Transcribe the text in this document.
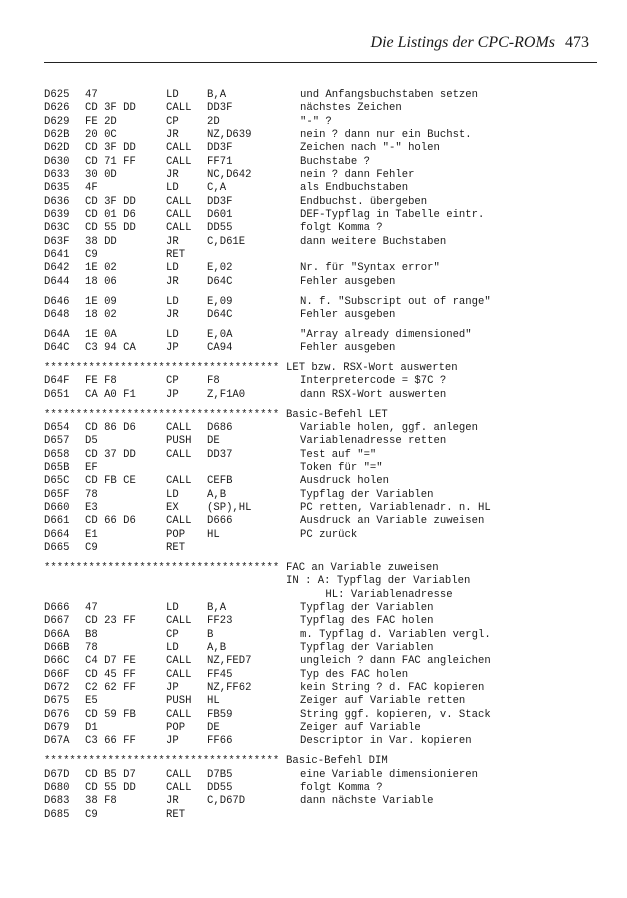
Die Listings der CPC-ROMs 473
D625 47	LD	B,A	und Anfangsbuchstaben setzen
D626 CD 3F DD	CALL DD3F	nächstes Zeichen
D629 FE 2D	CP	2D	"-" ?
D62B 20 0C	JR	NZ,D639	nein ? dann nur ein Buchst.
D62D CD 3F DD	CALL DD3F	Zeichen nach "-" holen
D630 CD 71 FF	CALL FF71	Buchstabe ?
D633 30 0D	JR	NC,D642	nein ? dann Fehler
D635 4F	LD	C,A	als Endbuchstaben
D636 CD 3F DD	CALL DD3F	Endbuchst. übergeben
D639 CD 01 D6	CALL D601	DEF-Typflag in Tabelle eintr.
D63C CD 55 DD	CALL DD55	folgt Komma ?
D63F 38 DD	JR	C,D61E	dann weitere Buchstaben
D641 C9	RET
D642 1E 02	LD	E,02	Nr. für "Syntax error"
D644 18 06	JR	D64C	Fehler ausgeben
D646 1E 09	LD	E,09	N. f. "Subscript out of range"
D648 18 02	JR	D64C	Fehler ausgeben
D64A 1E 0A	LD	E,0A	"Array already dimensioned"
D64C C3 94 CA	JP	CA94	Fehler ausgeben
************************************* LET bzw. RSX-Wort auswerten
D64F FE F8	CP	F8	Interpretercode = $7C ?
D651 CA A0 F1	JP	Z,F1A0	dann RSX-Wort auswerten
************************************* Basic-Befehl LET
D654 CD 86 D6	CALL D686	Variable holen, ggf. anlegen
D657 D5	PUSH DE	Variablenadresse retten
D658 CD 37 DD	CALL DD37	Test auf "="
D65B EF	Token für "="
D65C CD FB CE	CALL CEFB	Ausdruck holen
D65F 78	LD	A,B	Typflag der Variablen
D660 E3	EX	(SP),HL	PC retten, Variablenadr. n. HL
D661 CD 66 D6	CALL D666	Ausdruck an Variable zuweisen
D664 E1	POP HL	PC zurück
D665 C9	RET
************************************* FAC an Variable zuweisen
IN : A: Typflag der Variablen
HL: Variablenadresse
D666 47	LD	B,A	Typflag der Variablen
D667 CD 23 FF	CALL FF23	Typflag des FAC holen
D66A B8	CP	B	m. Typflag d. Variablen vergl.
D66B 78	LD	A,B	Typflag der Variablen
D66C C4 D7 FE	CALL NZ,FED7	ungleich ? dann FAC angleichen
D66F CD 45 FF	CALL FF45	Typ des FAC holen
D672 C2 62 FF	JP	NZ,FF62	kein String ? d. FAC kopieren
D675 E5	PUSH HL	Zeiger auf Variable retten
D676 CD 59 FB	CALL FB59	String ggf. kopieren, v. Stack
D679 D1	POP DE	Zeiger auf Variable
D67A C3 66 FF	JP	FF66	Descriptor in Var. kopieren
************************************* Basic-Befehl DIM
D67D CD B5 D7	CALL D7B5	eine Variable dimensionieren
D680 CD 55 DD	CALL DD55	folgt Komma ?
D683 38 F8	JR	C,D67D	dann nächste Variable
D685 C9	RET
